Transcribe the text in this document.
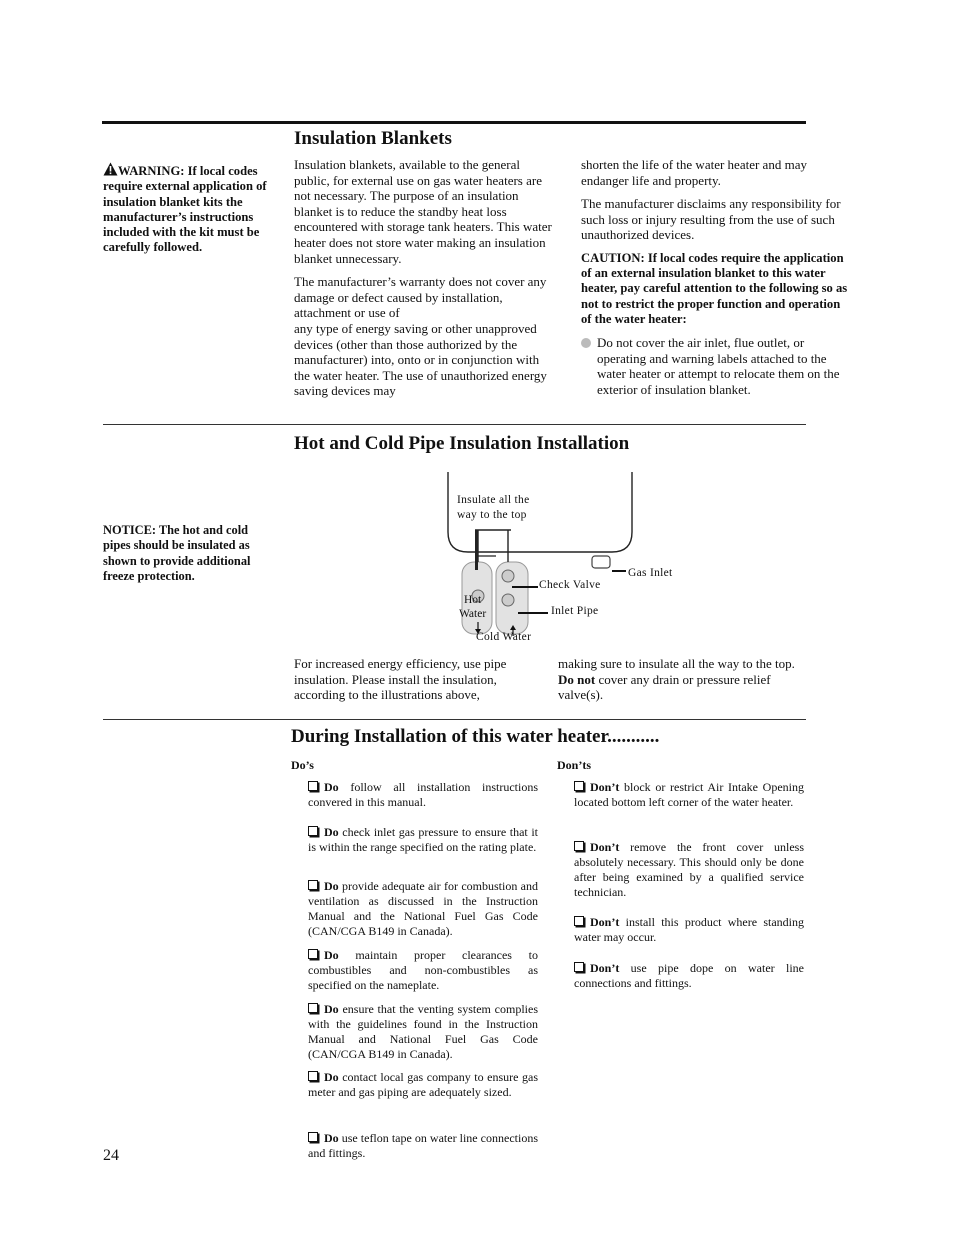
Insulation Blankets
WARNING: If local codes require external application of insulation blanket kits the manufacturer’s instructions included with the kit must be carefully followed.

Insulation blankets, available to the general public, for external use on gas water heaters are not necessary. The purpose of an insulation blanket is to reduce the standby heat loss encountered with storage tank heaters. This water heater does not store water making an insulation blanket unnecessary.

The manufacturer’s warranty does not cover any damage or defect caused by installation, attachment or use of

any type of energy saving or other unapproved devices (other than those authorized by the manufacturer) into, onto or in conjunction with the water heater. The use of unauthorized energy saving devices may

shorten the life of the water heater and may endanger life and property.

The manufacturer disclaims any responsibility for such loss or injury resulting from the use of such unauthorized devices.

CAUTION: If local codes require the application of an external insulation blanket to this water heater, pay careful attention to the following so as not to restrict the proper function and operation of the water heater:

Do not cover the air inlet, flue outlet, or operating and warning labels attached to the water heater or attempt to relocate them on the exterior of insulation blanket.
Hot and Cold Pipe Insulation Installation
NOTICE: The hot and cold pipes should be insulated as shown to provide additional freeze protection.
Insulate all the
way to the top
Gas Inlet
Check Valve
Inlet Pipe
Hot
Water
Cold Water
For increased energy efficiency, use pipe insulation. Please install the insulation, according to the illustrations above,
making sure to insulate all the way to the top. Do not cover any drain or pressure relief valve(s).
During Installation of this water heater...........
Do’s	Don’ts
Do follow all installation instructions convered in this manual.
Do check inlet gas pressure to ensure that it is within the range specified on the rating plate.
Do provide adequate air for combustion and ventilation as discussed in the Instruction Manual and the National Fuel Gas Code (CAN/CGA B149 in Canada).
Do maintain proper clearances to combustibles and non-combustibles as specified on the nameplate.
Do ensure that the venting system complies with the guidelines found in the Instruction Manual and National Fuel Gas Code (CAN/CGA B149 in Canada).
Do contact local gas company to ensure gas meter and gas piping are adequately sized.
Do use teflon tape on water line connections and fittings.
Don’t block or restrict Air Intake Opening located bottom left corner of the water heater.
Don’t remove the front cover unless absolutely necessary. This should only be done after being examined by a qualified service technician.
Don’t install this product where standing water may occur.
Don’t use pipe dope on water line connections and fittings.
24
